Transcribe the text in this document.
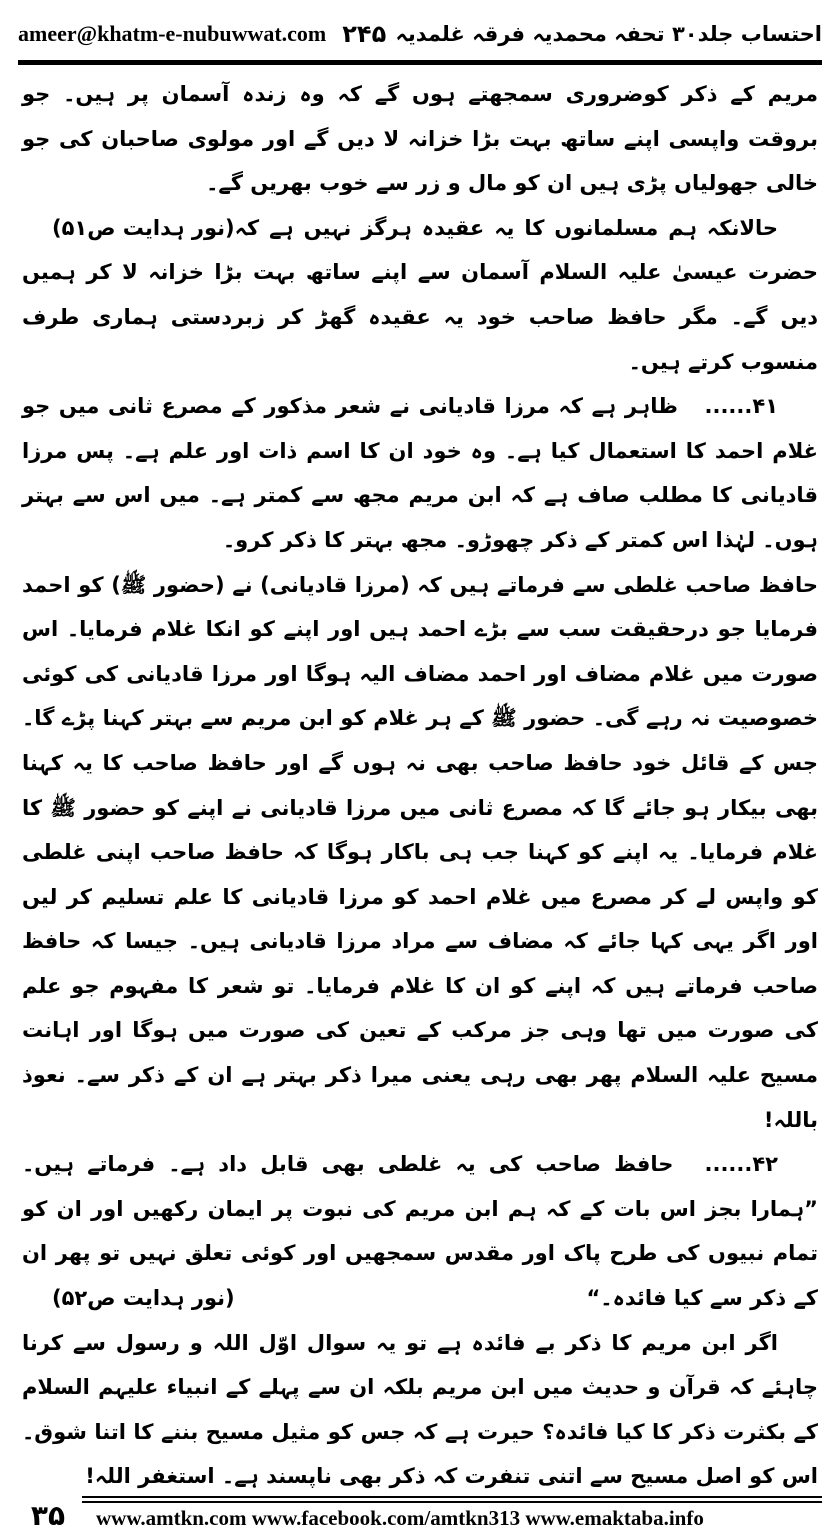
ameer@khatm-e-nubuwwat.com ۲۴۵ احتساب جلد۳۰ تحفہ محمدیہ فرقہ غلمدیہ

مریم کے ذکر کوضروری سمجھتے ہوں گے کہ وہ زندہ آسمان پر ہیں۔ جو بروقت واپسی اپنے ساتھ بہت بڑا خزانہ لا دیں گے اور مولوی صاحبان کی جو خالی جھولیاں پڑی ہیں ان کو مال و زر سے خوب بھریں گے۔
(نور ہدایت ص۵۱) حالانکہ ہم مسلمانوں کا یہ عقیدہ ہرگز نہیں ہے کہ حضرت عیسیٰ علیہ السلام آسمان سے اپنے ساتھ بہت بڑا خزانہ لا کر ہمیں دیں گے۔ مگر حافظ صاحب خود یہ عقیدہ گھڑ کر زبردستی ہماری طرف منسوب کرتے ہیں۔

۴۱...... ظاہر ہے کہ مرزا قادیانی نے شعر مذکور کے مصرع ثانی میں جو غلام احمد کا استعمال کیا ہے۔ وہ خود ان کا اسم ذات اور علم ہے۔ پس مرزا قادیانی کا مطلب صاف ہے کہ ابن مریم مجھ سے کمتر ہے۔ میں اس سے بہتر ہوں۔ لہٰذا اس کمتر کے ذکر چھوڑو۔ مجھ بہتر کا ذکر کرو۔

حافظ صاحب غلطی سے فرماتے ہیں کہ (مرزا قادیانی) نے (حضور ﷺ) کو احمد فرمایا جو درحقیقت سب سے بڑے احمد ہیں اور اپنے کو انکا غلام فرمایا۔ اس صورت میں غلام مضاف اور احمد مضاف الیہ ہوگا اور مرزا قادیانی کی کوئی خصوصیت نہ رہے گی۔ حضور ﷺ کے ہر غلام کو ابن مریم سے بہتر کہنا پڑے گا۔ جس کے قائل خود حافظ صاحب بھی نہ ہوں گے اور حافظ صاحب کا یہ کہنا بھی بیکار ہو جائے گا کہ مصرع ثانی میں مرزا قادیانی نے اپنے کو حضور ﷺ کا غلام فرمایا۔ یہ اپنے کو کہنا جب ہی باکار ہوگا کہ حافظ صاحب اپنی غلطی کو واپس لے کر مصرع میں غلام احمد کو مرزا قادیانی کا علم تسلیم کر لیں اور اگر یہی کہا جائے کہ مضاف سے مراد مرزا قادیانی ہیں۔ جیسا کہ حافظ صاحب فرماتے ہیں کہ اپنے کو ان کا غلام فرمایا۔ تو شعر کا مفہوم جو علم کی صورت میں تھا وہی جز مرکب کے تعین کی صورت میں ہوگا اور اہانت مسیح علیہ السلام پھر بھی رہی یعنی میرا ذکر بہتر ہے ان کے ذکر سے۔ نعوذ باللہ!

۴۲...... حافظ صاحب کی یہ غلطی بھی قابل داد ہے۔ فرماتے ہیں۔ ”ہمارا بجز اس بات کے کہ ہم ابن مریم کی نبوت پر ایمان رکھیں اور ان کو تمام نبیوں کی طرح پاک اور مقدس سمجھیں اور کوئی تعلق نہیں تو پھر ان کے ذکر سے کیا فائدہ۔“
(نور ہدایت ص۵۲)

اگر ابن مریم کا ذکر بے فائدہ ہے تو یہ سوال اوّل اللہ و رسول سے کرنا چاہئے کہ قرآن و حدیث میں ابن مریم بلکہ ان سے پہلے کے انبیاء علیہم السلام کے بکثرت ذکر کا کیا فائدہ؟ حیرت ہے کہ جس کو مثیل مسیح بننے کا اتنا شوق۔ اس کو اصل مسیح سے اتنی تنفرت کہ ذکر بھی ناپسند ہے۔ استغفر اللہ!

۳۵	www.amtkn.com www.facebook.com/amtkn313 www.emaktaba.info
